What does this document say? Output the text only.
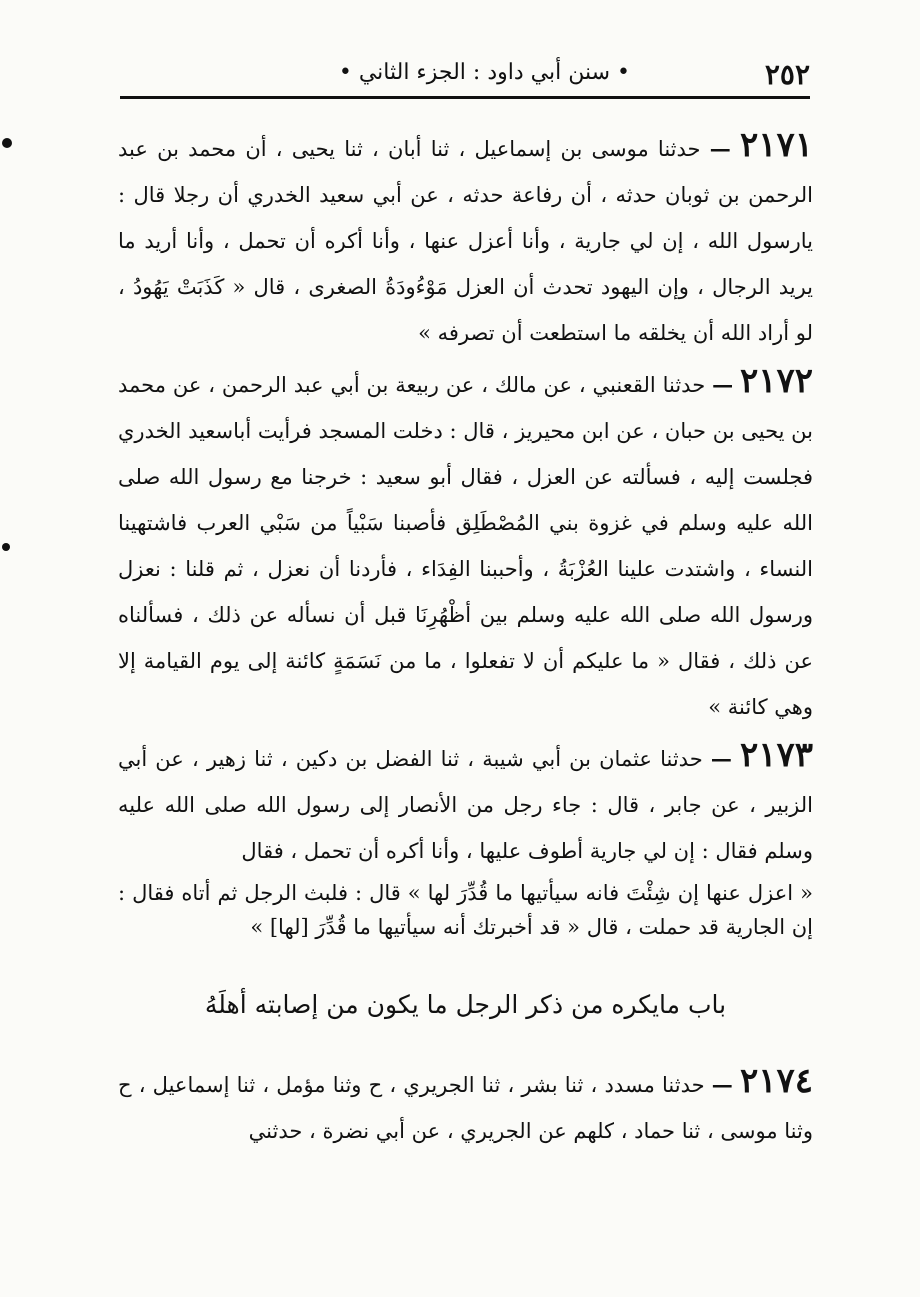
٢٥٢
• سنن أبي داود : الجزء الثاني •

٢١٧١ — حدثنا موسى بن إسماعيل ، ثنا أبان ، ثنا يحيى ، أن محمد بن عبد الرحمن بن ثوبان حدثه ، أن رفاعة حدثه ، عن أبي سعيد الخدري أن رجلا قال : يارسول الله ، إن لي جارية ، وأنا أعزل عنها ، وأنا أكره أن تحمل ، وأنا أريد ما يريد الرجال ، وإن اليهود تحدث أن العزل مَوْءُودَةُ الصغرى ، قال « كَذَبَتْ يَهُودُ ، لو أراد الله أن يخلقه ما استطعت أن تصرفه »

٢١٧٢ — حدثنا القعنبي ، عن مالك ، عن ربيعة بن أبي عبد الرحمن ، عن محمد بن يحيى بن حبان ، عن ابن محيريز ، قال : دخلت المسجد فرأيت أباسعيد الخدري فجلست إليه ، فسألته عن العزل ، فقال أبو سعيد : خرجنا مع رسول الله صلى الله عليه وسلم في غزوة بني المُصْطَلِق فأصبنا سَبْياً من سَبْي العرب فاشتهينا النساء ، واشتدت علينا العُزْبَةُ ، وأحببنا الفِدَاء ، فأردنا أن نعزل ، ثم قلنا : نعزل ورسول الله صلى الله عليه وسلم بين أظْهُرِنَا قبل أن نسأله عن ذلك ، فسألناه عن ذلك ، فقال « ما عليكم أن لا تفعلوا ، ما من نَسَمَةٍ كائنة إلى يوم القيامة إلا وهي كائنة »

٢١٧٣ — حدثنا عثمان بن أبي شيبة ، ثنا الفضل بن دكين ، ثنا زهير ، عن أبي الزبير ، عن جابر ، قال : جاء رجل من الأنصار إلى رسول الله صلى الله عليه وسلم فقال : إن لي جارية أطوف عليها ، وأنا أكره أن تحمل ، فقال

« اعزل عنها إن شِئْتَ فانه سيأتيها ما قُدِّرَ لها » قال : فلبث الرجل ثم أتاه فقال : إن الجارية قد حملت ، قال « قد أخبرتك أنه سيأتيها ما قُدِّرَ [لها] »

باب مايكره من ذكر الرجل ما يكون من إصابته أهلَهُ

٢١٧٤ — حدثنا مسدد ، ثنا بشر ، ثنا الجريري ، ح وثنا مؤمل ، ثنا إسماعيل ، ح وثنا موسى ، ثنا حماد ، كلهم عن الجريري ، عن أبي نضرة ، حدثني
